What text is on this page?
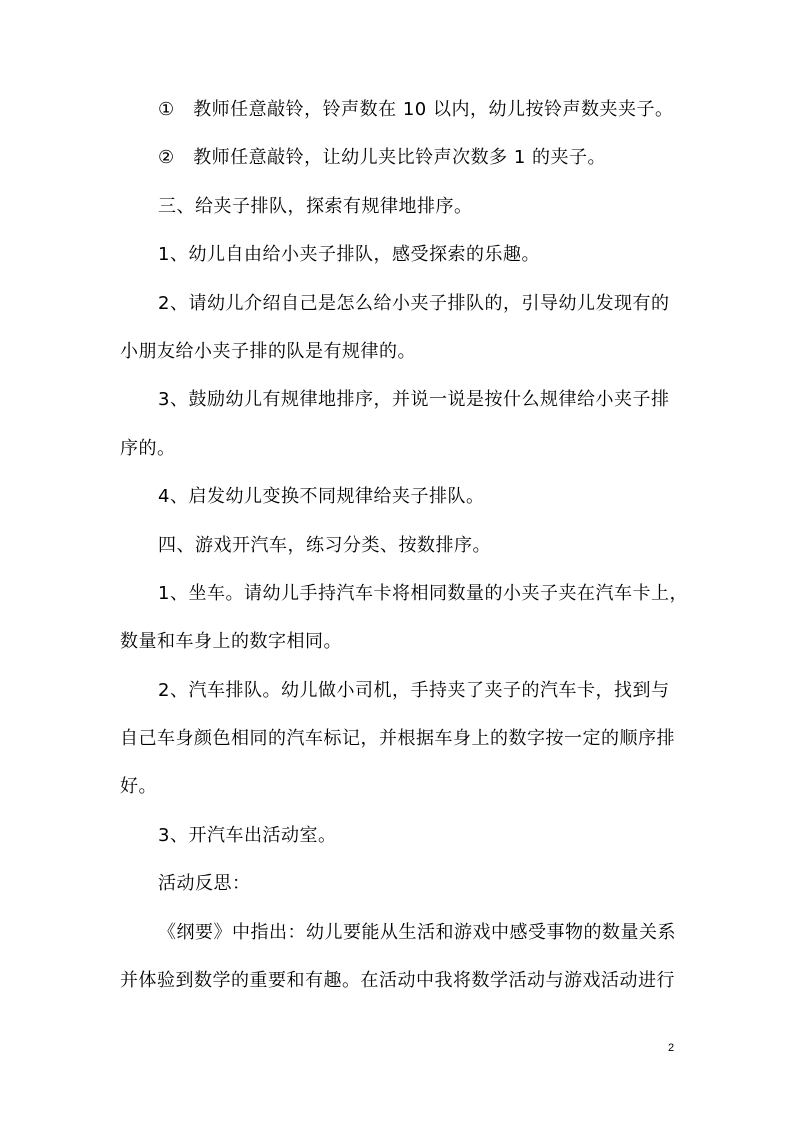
①　教师任意敲铃，铃声数在 10 以内，幼儿按铃声数夹夹子。
②　教师任意敲铃，让幼儿夹比铃声次数多 1 的夹子。
三、给夹子排队，探索有规律地排序。
1、幼儿自由给小夹子排队，感受探索的乐趣。
2、请幼儿介绍自己是怎么给小夹子排队的，引导幼儿发现有的
小朋友给小夹子排的队是有规律的。
3、鼓励幼儿有规律地排序，并说一说是按什么规律给小夹子排
序的。
4、启发幼儿变换不同规律给夹子排队。
四、游戏开汽车，练习分类、按数排序。
1、坐车。请幼儿手持汽车卡将相同数量的小夹子夹在汽车卡上，
数量和车身上的数字相同。
2、汽车排队。幼儿做小司机，手持夹了夹子的汽车卡，找到与
自己车身颜色相同的汽车标记，并根据车身上的数字按一定的顺序排
好。
3、开汽车出活动室。
活动反思：
《纲要》中指出：幼儿要能从生活和游戏中感受事物的数量关系
并体验到数学的重要和有趣。在活动中我将数学活动与游戏活动进行
2
